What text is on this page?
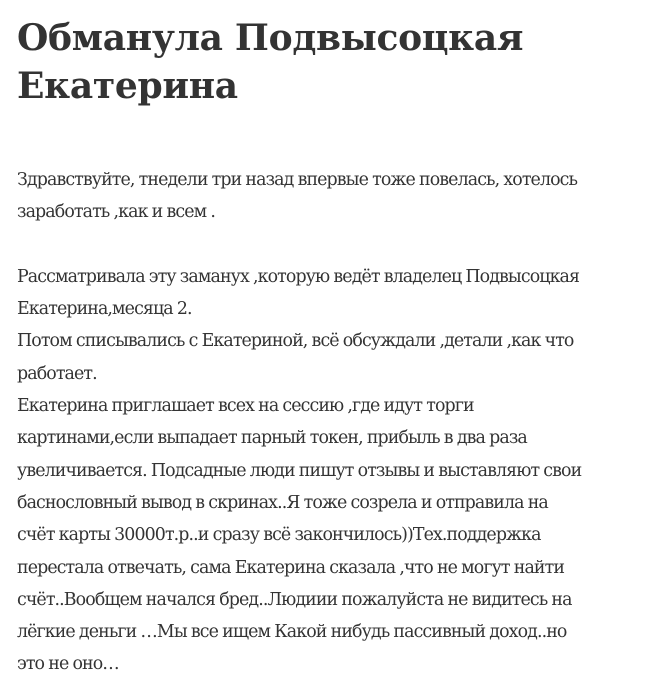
Обманула Подвысоцкая
Екатерина
Здравствуйте, тнедели три назад впервые тоже повелась, хотелось
заработать ,как и всем .
Рассматривала эту заманух ,которую ведёт владелец Подвысоцкая
Екатерина,месяца 2.
Потом списывались с Екатериной, всё обсуждали ,детали ,как что
работает.
Екатерина приглашает всех на сессию ,где идут торги
картинами,если выпадает парный токен, прибыль в два раза
увеличивается. Подсадные люди пишут отзывы и выставляют свои
баснословный вывод в скринах..Я тоже созрела и отправила на
счёт карты 30000т.р..и сразу всё закончилось))Тех.поддержка
перестала отвечать, сама Екатерина сказала ,что не могут найти
счёт..Вообщем начался бред..Людиии пожалуйста не видитесь на
лёгкие деньги …Мы все ищем Какой нибудь пассивный доход..но
это не оно…
